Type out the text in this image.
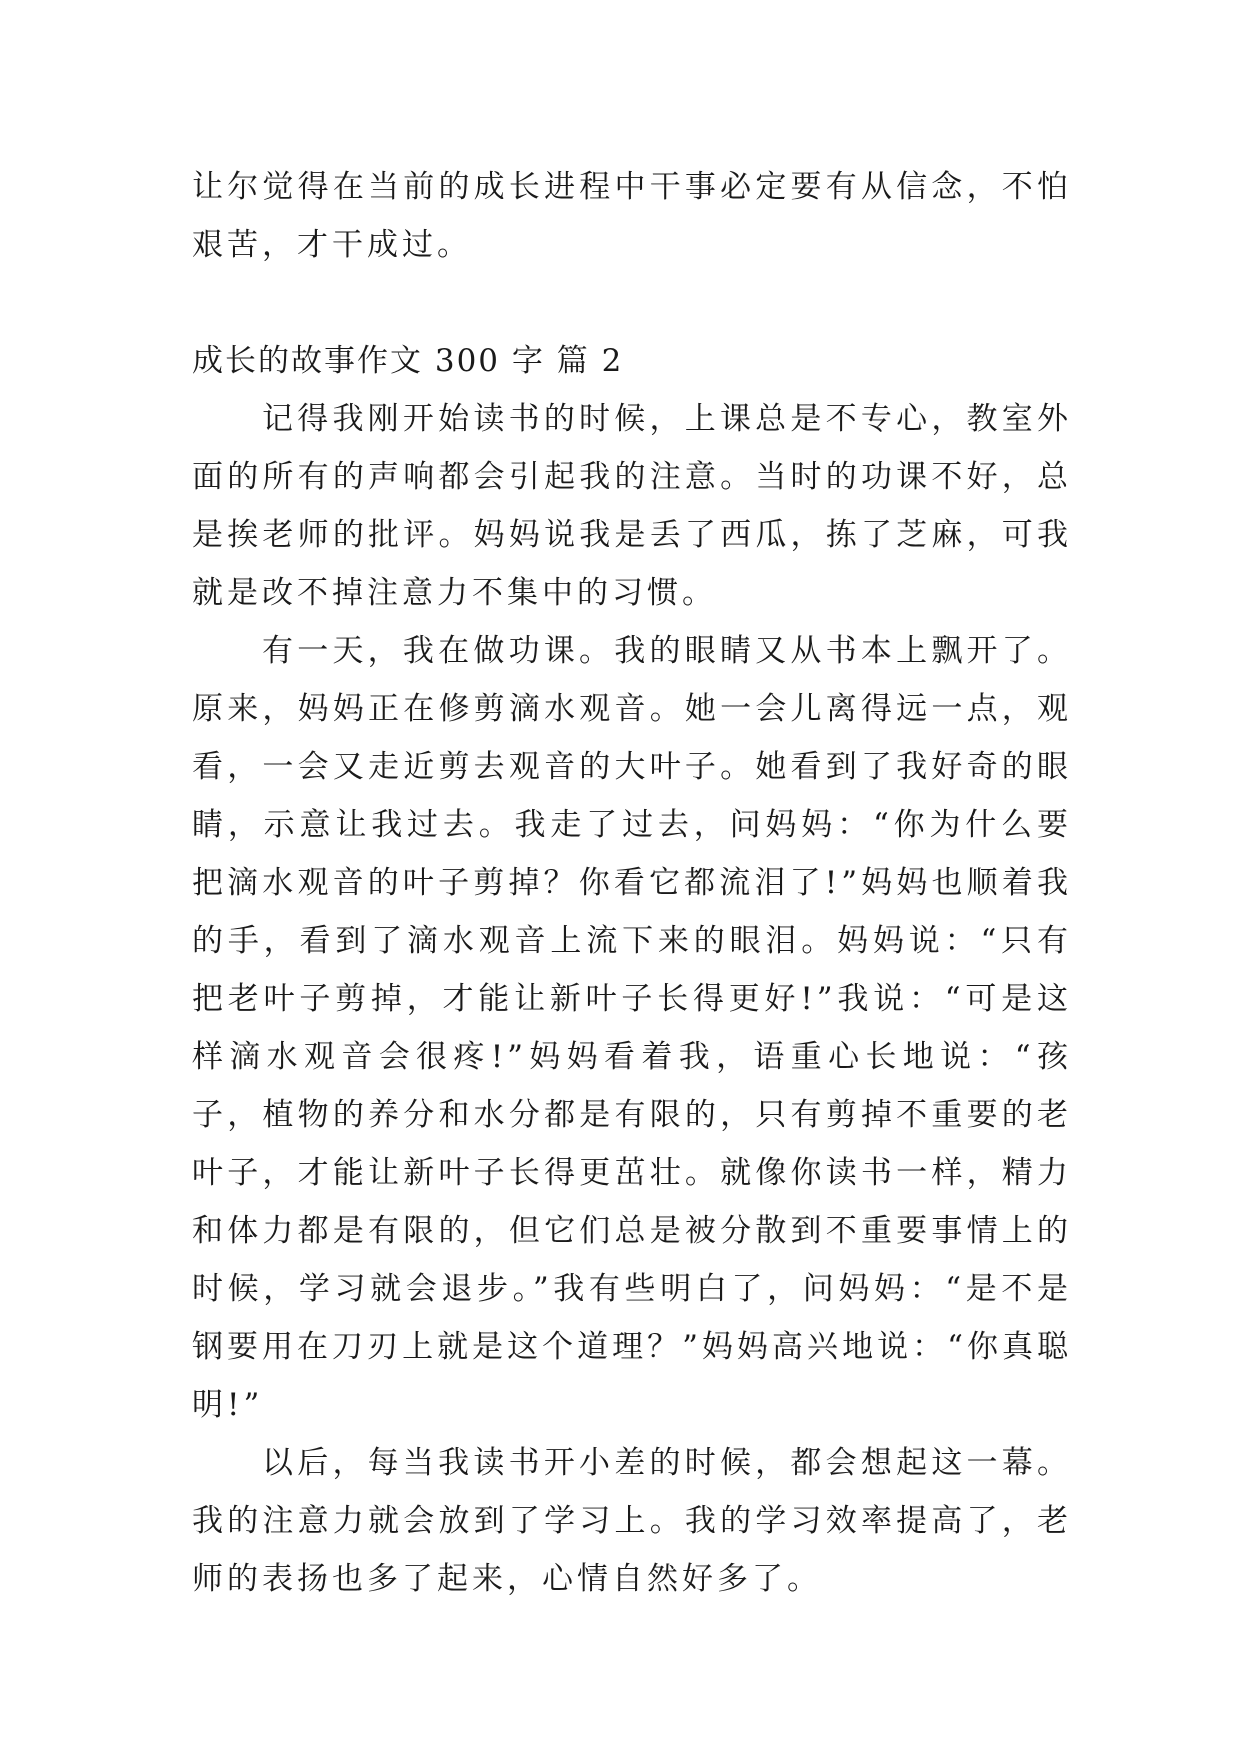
让尔觉得在当前的成长进程中干事必定要有从信念，不怕艰苦，才干成过。

成长的故事作文 300 字 篇 2

记得我刚开始读书的时候，上课总是不专心，教室外面的所有的声响都会引起我的注意。当时的功课不好，总是挨老师的批评。妈妈说我是丢了西瓜，拣了芝麻，可我就是改不掉注意力不集中的习惯。

有一天，我在做功课。我的眼睛又从书本上飘开了。原来，妈妈正在修剪滴水观音。她一会儿离得远一点，观看，一会又走近剪去观音的大叶子。她看到了我好奇的眼睛，示意让我过去。我走了过去，问妈妈：“你为什么要把滴水观音的叶子剪掉？你看它都流泪了!”妈妈也顺着我的手，看到了滴水观音上流下来的眼泪。妈妈说：“只有把老叶子剪掉，才能让新叶子长得更好!”我说：“可是这样滴水观音会很疼!”妈妈看着我，语重心长地说：“孩子，植物的养分和水分都是有限的，只有剪掉不重要的老叶子，才能让新叶子长得更茁壮。就像你读书一样，精力和体力都是有限的，但它们总是被分散到不重要事情上的时候，学习就会退步。”我有些明白了，问妈妈：“是不是钢要用在刀刃上就是这个道理？”妈妈高兴地说：“你真聪明!”

以后，每当我读书开小差的时候，都会想起这一幕。我的注意力就会放到了学习上。我的学习效率提高了，老师的表扬也多了起来，心情自然好多了。
